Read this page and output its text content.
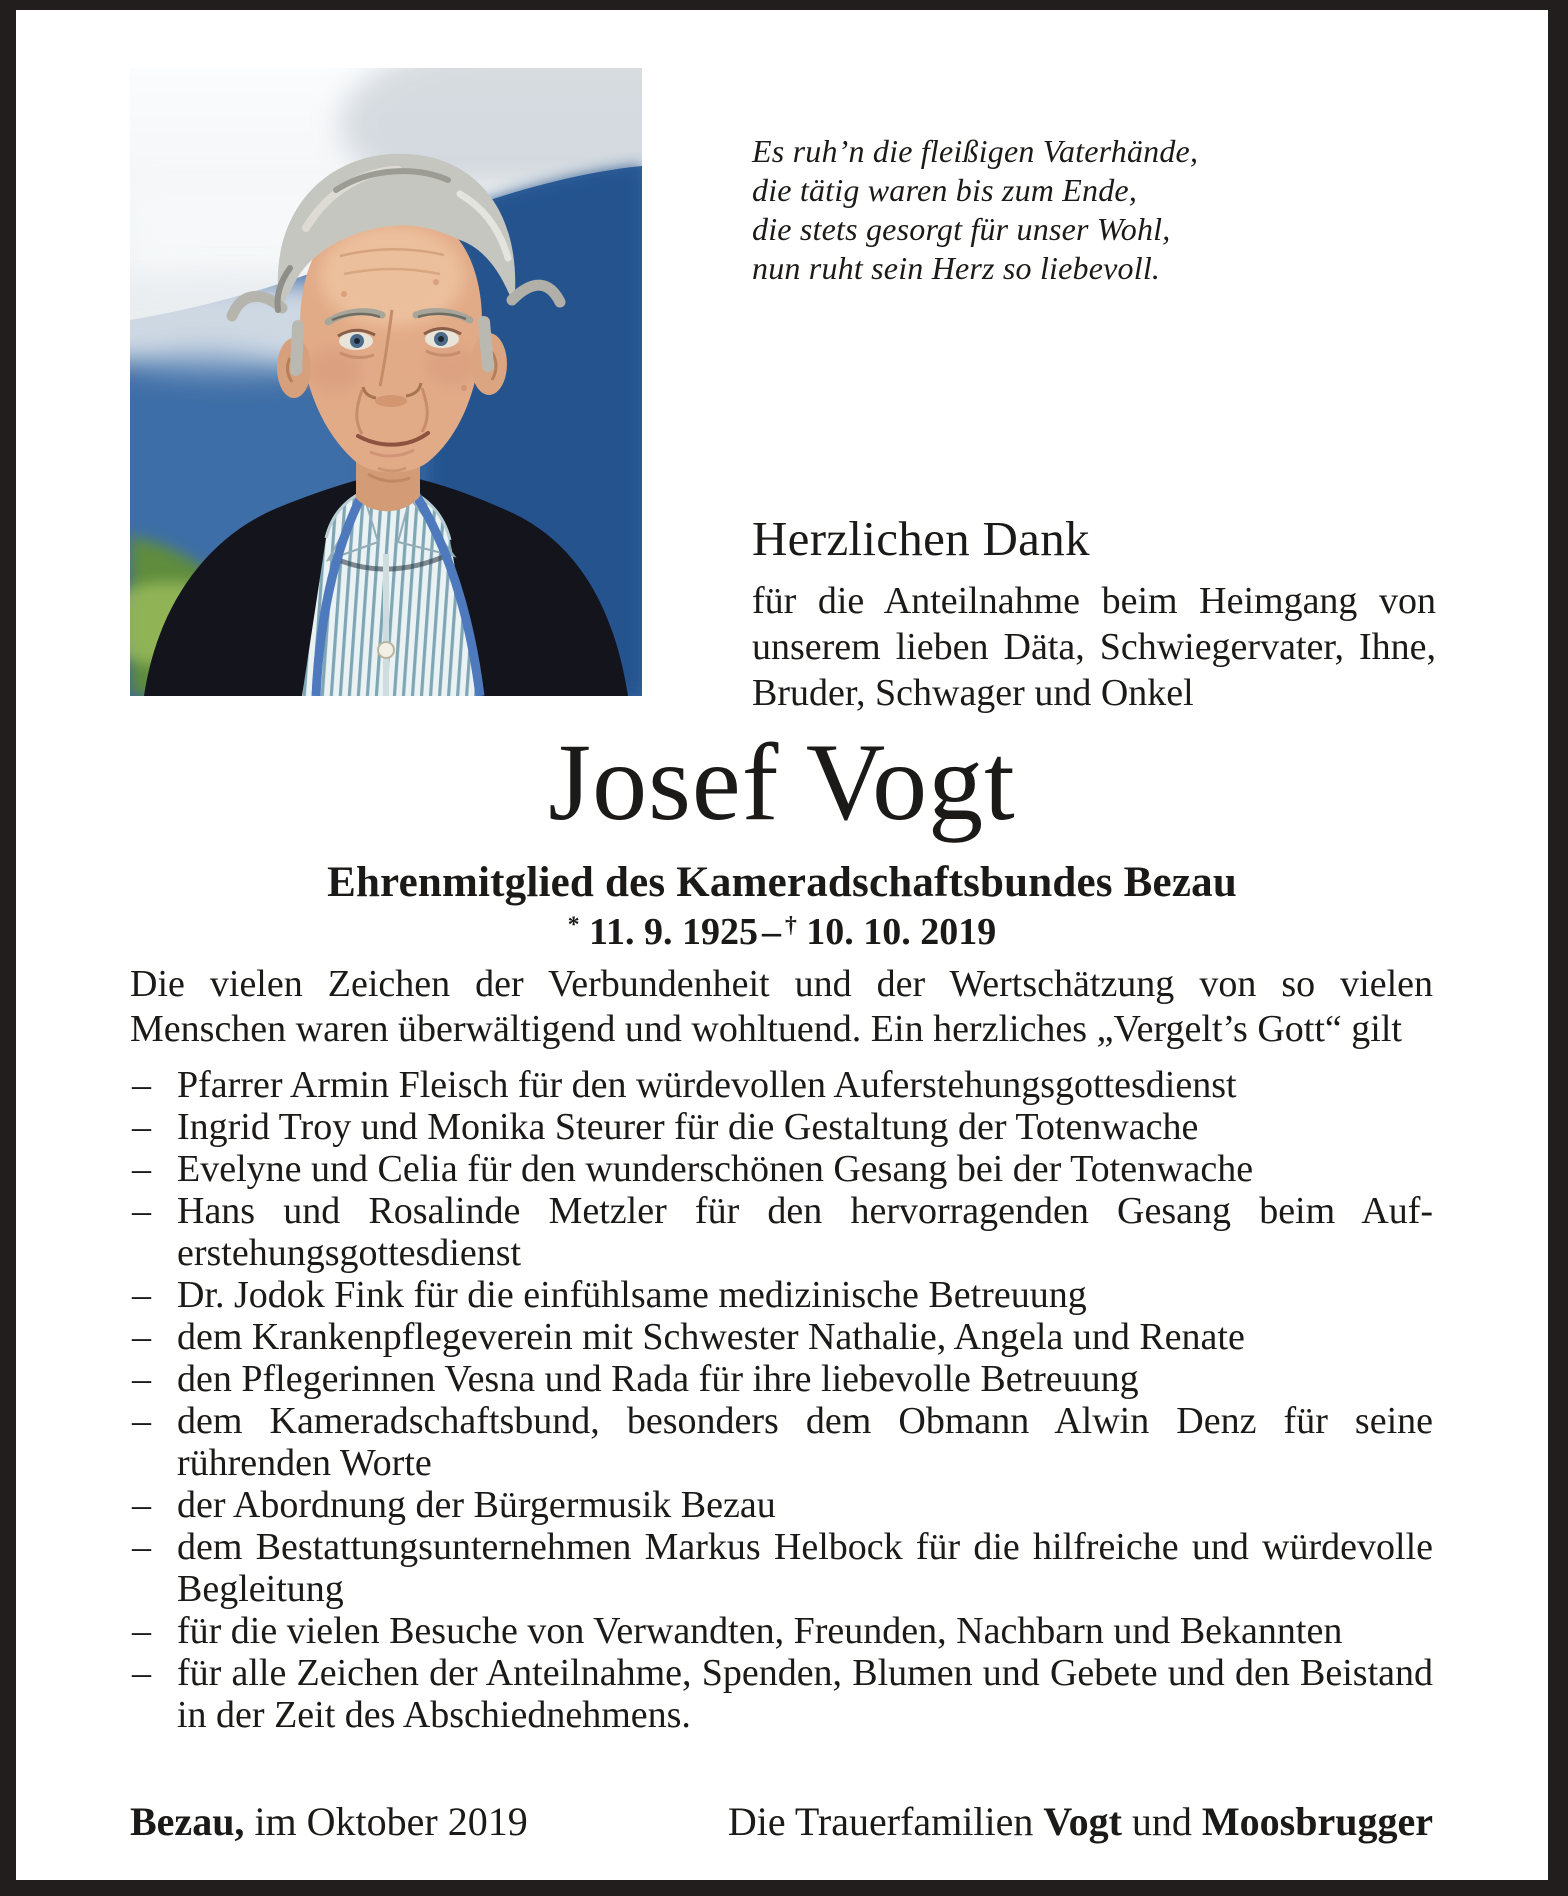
Es ruh’n die fleißigen Vaterhände,
die tätig waren bis zum Ende,
die stets gesorgt für unser Wohl,
nun ruht sein Herz so liebevoll.
Herzlichen Dank

für die Anteilnahme beim Heimgang von unserem lieben Däta, Schwiegervater, Ihne, Bruder, Schwager und Onkel

Josef Vogt
Ehrenmitglied des Kameradschaftsbundes Bezau
* 11. 9. 1925 – † 10. 10. 2019

Die vielen Zeichen der Verbundenheit und der Wertschätzung von so vielen Menschen waren überwältigend und wohltuend. Ein herzliches „Vergelt’s Gott“ gilt

– Pfarrer Armin Fleisch für den würdevollen Auferstehungsgottesdienst
– Ingrid Troy und Monika Steurer für die Gestaltung der Totenwache
– Evelyne und Celia für den wunderschönen Gesang bei der Totenwache
– Hans und Rosalinde Metzler für den hervorragenden Gesang beim Auferstehungsgottesdienst
– Dr. Jodok Fink für die einfühlsame medizinische Betreuung
– dem Krankenpflegeverein mit Schwester Nathalie, Angela und Renate
– den Pflegerinnen Vesna und Rada für ihre liebevolle Betreuung
– dem Kameradschaftsbund, besonders dem Obmann Alwin Denz für seine rührenden Worte
– der Abordnung der Bürgermusik Bezau
– dem Bestattungsunternehmen Markus Helbock für die hilfreiche und würdevolle Begleitung
– für die vielen Besuche von Verwandten, Freunden, Nachbarn und Bekannten
– für alle Zeichen der Anteilnahme, Spenden, Blumen und Gebete und den Beistand in der Zeit des Abschiednehmens.
Bezau, im Oktober 2019	Die Trauerfamilien Vogt und Moosbrugger
